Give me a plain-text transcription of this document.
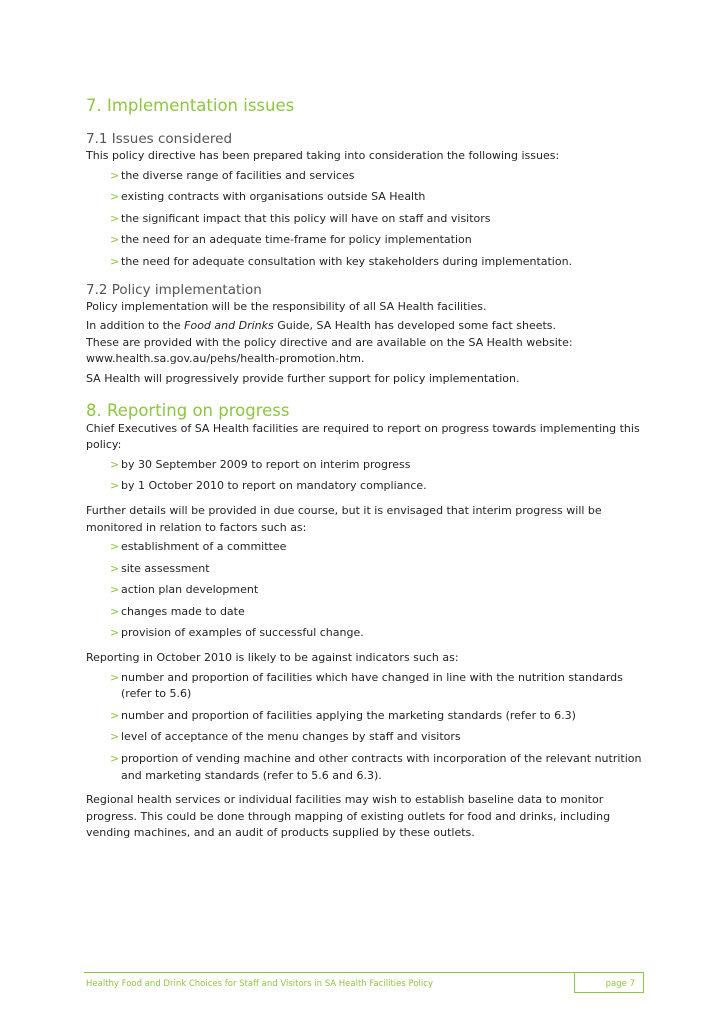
7. Implementation issues
7.1 Issues considered

This policy directive has been prepared taking into consideration the following issues:

> the diverse range of facilities and services
> existing contracts with organisations outside SA Health
> the significant impact that this policy will have on staff and visitors
> the need for an adequate time-frame for policy implementation
> the need for adequate consultation with key stakeholders during implementation.
7.2 Policy implementation

Policy implementation will be the responsibility of all SA Health facilities.

In addition to the Food and Drinks Guide, SA Health has developed some fact sheets.
These are provided with the policy directive and are available on the SA Health website:
www.health.sa.gov.au/pehs/health-promotion.htm.

SA Health will progressively provide further support for policy implementation.

8. Reporting on progress

Chief Executives of SA Health facilities are required to report on progress towards implementing this policy:

> by 30 September 2009 to report on interim progress
> by 1 October 2010 to report on mandatory compliance.

Further details will be provided in due course, but it is envisaged that interim progress will be monitored in relation to factors such as:

> establishment of a committee
> site assessment
> action plan development
> changes made to date
> provision of examples of successful change.

Reporting in October 2010 is likely to be against indicators such as:

> number and proportion of facilities which have changed in line with the nutrition standards (refer to 5.6)
> number and proportion of facilities applying the marketing standards (refer to 6.3)
> level of acceptance of the menu changes by staff and visitors
> proportion of vending machine and other contracts with incorporation of the relevant nutrition and marketing standards (refer to 5.6 and 6.3).

Regional health services or individual facilities may wish to establish baseline data to monitor progress. This could be done through mapping of existing outlets for food and drinks, including vending machines, and an audit of products supplied by these outlets.

Healthy Food and Drink Choices for Staff and Visitors in SA Health Facilities Policy	page 7
